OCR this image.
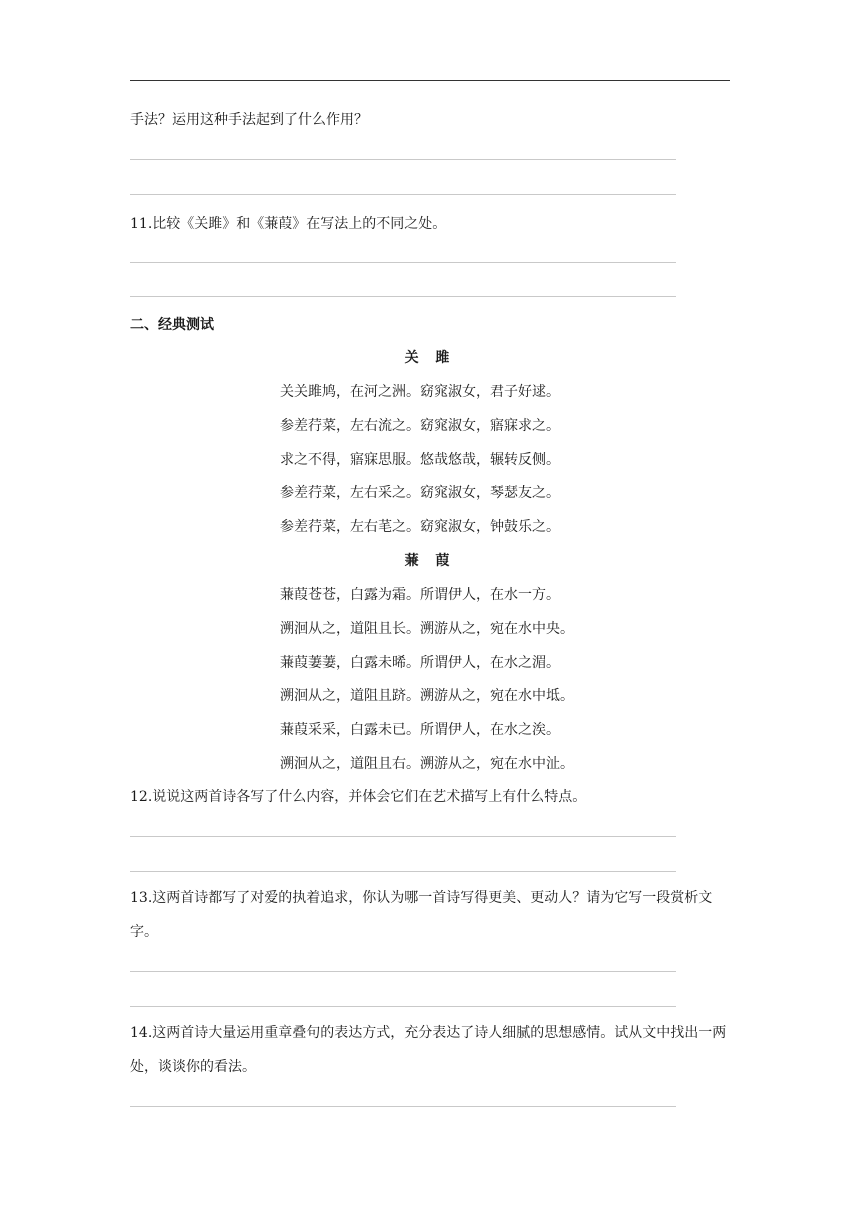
手法？运用这种手法起到了什么作用？
11.比较《关雎》和《蒹葭》在写法上的不同之处。
二、经典测试
关 雎
关关雎鸠，在河之洲。窈窕淑女，君子好逑。
参差荇菜，左右流之。窈窕淑女，寤寐求之。
求之不得，寤寐思服。悠哉悠哉，辗转反侧。
参差荇菜，左右采之。窈窕淑女，琴瑟友之。
参差荇菜，左右芼之。窈窕淑女，钟鼓乐之。
蒹 葭
蒹葭苍苍，白露为霜。所谓伊人，在水一方。
溯洄从之，道阻且长。溯游从之，宛在水中央。
蒹葭萋萋，白露未晞。所谓伊人，在水之湄。
溯洄从之，道阻且跻。溯游从之，宛在水中坻。
蒹葭采采，白露未已。所谓伊人，在水之涘。
溯洄从之，道阻且右。溯游从之，宛在水中沚。
12.说说这两首诗各写了什么内容，并体会它们在艺术描写上有什么特点。
13.这两首诗都写了对爱的执着追求，你认为哪一首诗写得更美、更动人？请为它写一段赏析文字。
14.这两首诗大量运用重章叠句的表达方式，充分表达了诗人细腻的思想感情。试从文中找出一两处，谈谈你的看法。
